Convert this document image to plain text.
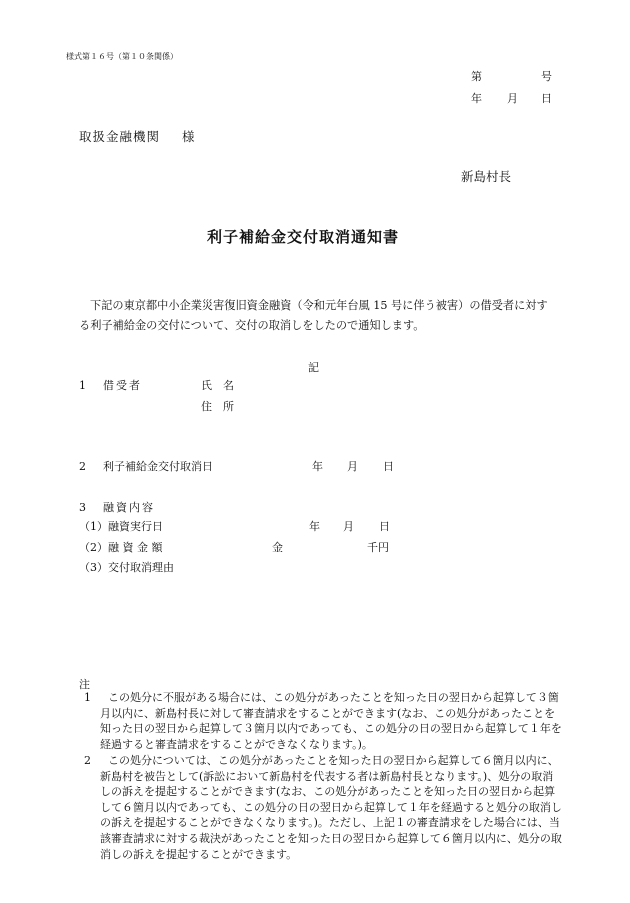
様式第１６号（第１０条関係）
第	号
年 月 日
取扱金融機関 様
新島村長
利子補給金交付取消通知書
下記の東京都中小企業災害復旧資金融資（令和元年台風 15 号に伴う被害）の借受者に対する利子補給金の交付について、交付の取消しをしたので通知します。
記
1 借受者	氏　名
住　所
2 利子補給金交付取消日	年 月 日
3 融資内容
（1）融資実行日	年 月 日
（2）融 資 金 額	金	千円
（3）交付取消理由
注
1	この処分に不服がある場合には、この処分があったことを知った日の翌日から起算して３箇月以内に、新島村長に対して審査請求をすることができます(なお、この処分があったことを知った日の翌日から起算して３箇月以内であっても、この処分の日の翌日から起算して１年を経過すると審査請求をすることができなくなります。)。
2	この処分については、この処分があったことを知った日の翌日から起算して６箇月以内に、新島村を被告として(訴訟において新島村を代表する者は新島村長となります。)、処分の取消しの訴えを提起することができます(なお、この処分があったことを知った日の翌日から起算して６箇月以内であっても、この処分の日の翌日から起算して１年を経過すると処分の取消しの訴えを提起することができなくなります。)。ただし、上記１の審査請求をした場合には、当該審査請求に対する裁決があったことを知った日の翌日から起算して６箇月以内に、処分の取消しの訴えを提起することができます。
